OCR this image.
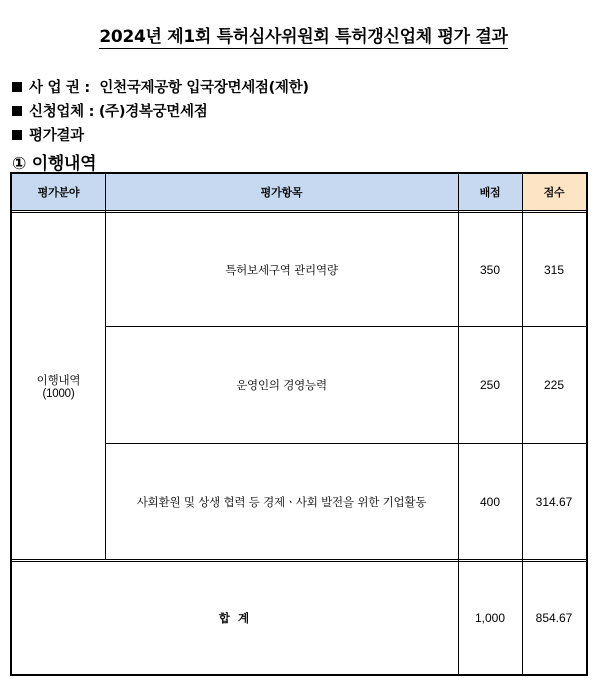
2024년 제1회 특허심사위원회 특허갱신업체 평가 결과
사 업 권 : 인천국제공항 입국장면세점(제한)
신청업체 : (주)경복궁면세점
평가결과
① 이행내역
평가분야	평가항목	배점	점수
이행내역
(1000)
특허보세구역 관리역량	350	315
운영인의 경영능력	250	225
사회환원 및 상생 협력 등 경제ㆍ사회 발전을 위한 기업활동	400	314.67
합 계	1,000	854.67
